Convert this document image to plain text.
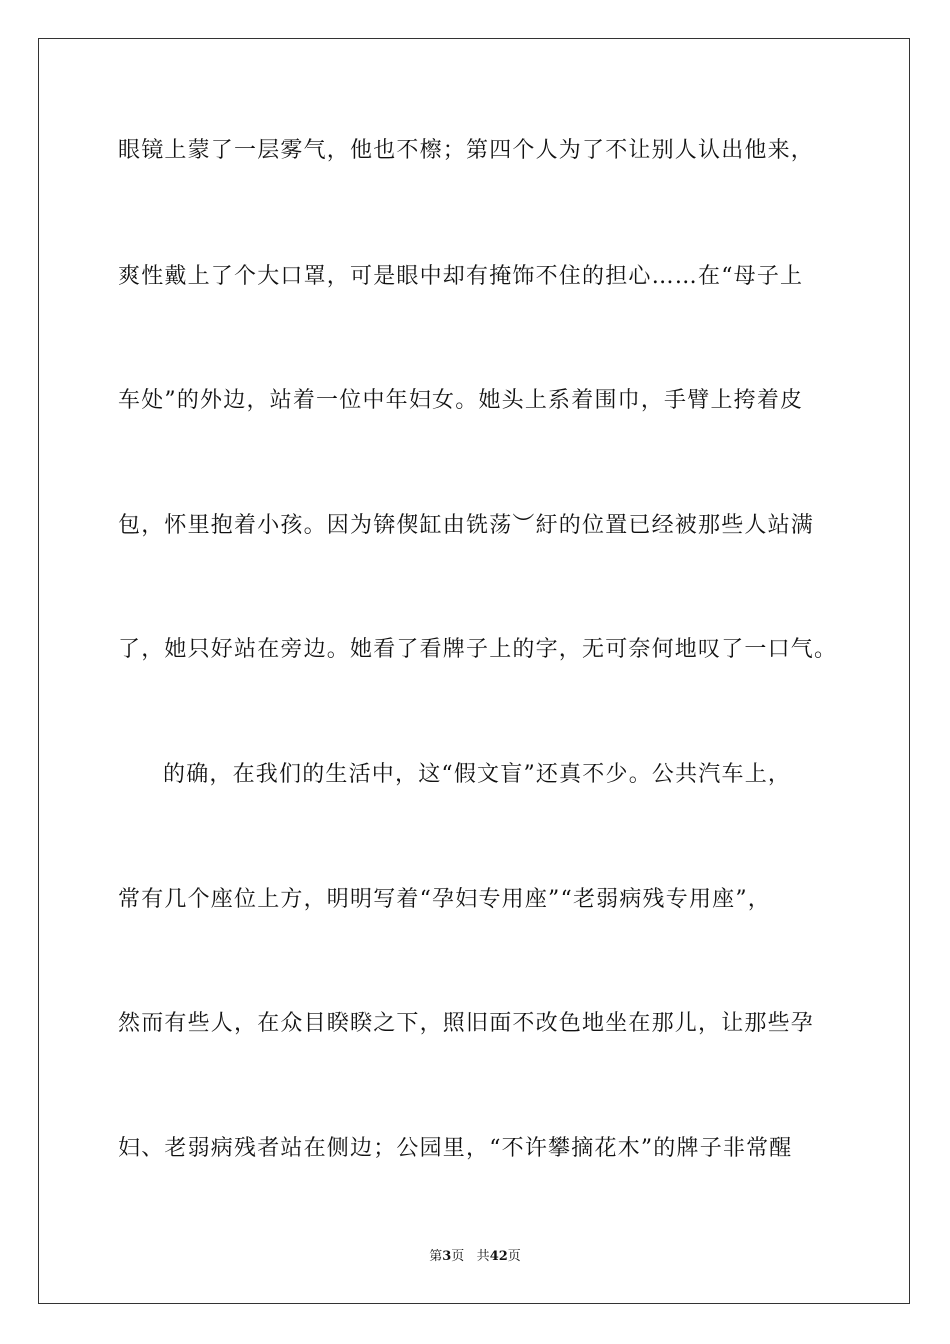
眼镜上蒙了一层雾气，他也不檫；第四个人为了不让别人认出他来，
爽性戴上了个大口罩，可是眼中却有掩饰不住的担心……在“母子上
车处”的外边，站着一位中年妇女。她头上系着围巾，手臂上挎着皮
包，怀里抱着小孩。因为锛偰缸由铣荡︶紆的位置已经被那些人站满
了，她只好站在旁边。她看了看牌子上的字，无可奈何地叹了一口气。
的确，在我们的生活中，这“假文盲”还真不少。公共汽车上，
常有几个座位上方，明明写着“孕妇专用座”“老弱病残专用座”，
然而有些人，在众目睽睽之下，照旧面不改色地坐在那儿，让那些孕
妇、老弱病残者站在侧边；公园里，“不许攀摘花木”的牌子非常醒
第3页 共42页
